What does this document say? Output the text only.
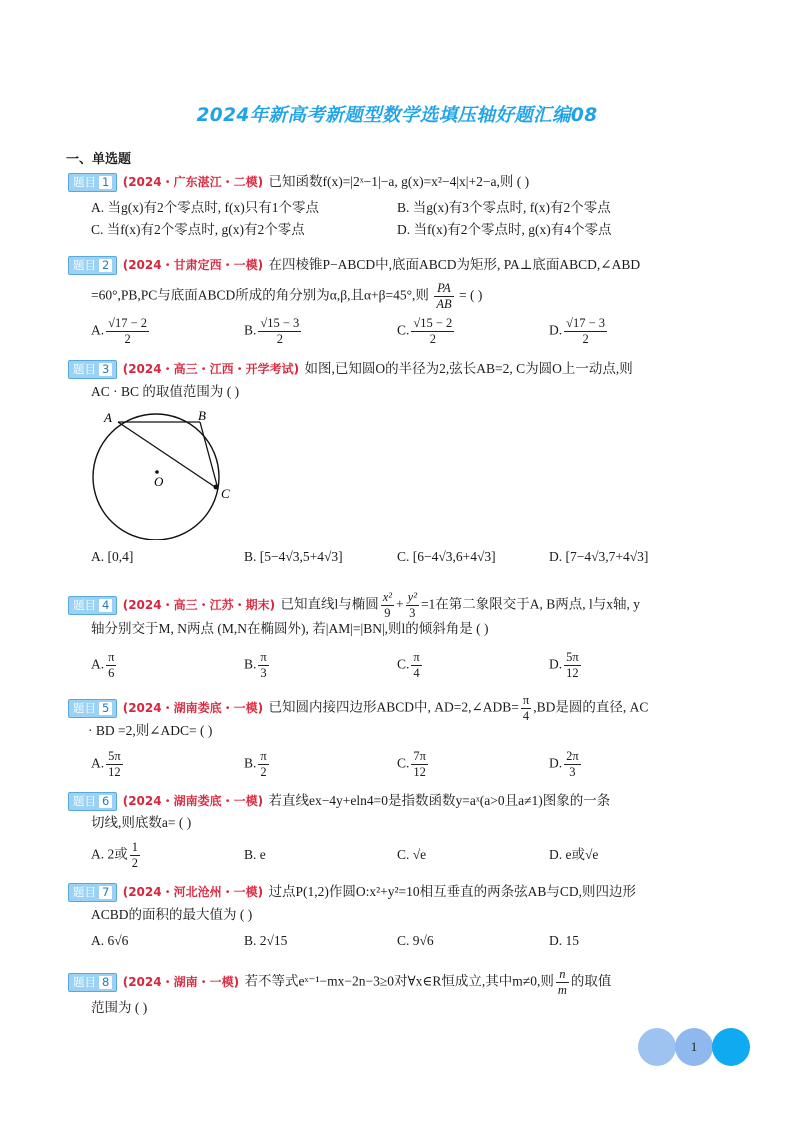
2024年新高考新题型数学选填压轴好题汇编08
一、单选题
题目 1 (2024・广东湛江・二模) 已知函数f(x)=|2ˣ−1|−a, g(x)=x²−4|x|+2−a,则 ( )
A. 当g(x)有2个零点时, f(x)只有1个零点	B. 当g(x)有3个零点时, f(x)有2个零点
C. 当f(x)有2个零点时, g(x)有2个零点	D. 当f(x)有2个零点时, g(x)有4个零点
题目 2 (2024・甘肃定西・一模) 在四棱锥P−ABCD中,底面ABCD为矩形, PA⊥底面ABCD,∠ABD
=60°,PB,PC与底面ABCD所成的角分别为α,β,且α+β=45°,则 $\frac{PA}{AB}$ = ( )
A. $\frac{√17 - 2}{2}$	B. $\frac{√15 - 3}{2}$	C. $\frac{√15 - 2}{2}$	D. $\frac{√17 - 3}{2}$
题目 3 (2024・高三・江西・开学考试) 如图,已知圆O的半径为2,弦长AB=2, C为圆O上一动点,则
AC · BC 的取值范围为 ( )
A	B
C
O
A. [0,4]	B. [5−4√3,5+4√3]	C. [6−4√3,6+4√3]	D. [7−4√3,7+4√3]
题目 4 (2024・高三・江苏・期末) 已知直线l与椭圆 $\frac{\text{x²}}{9} + \frac{\text{y²}}{3} =1$在第二象限交于A, B两点, l与x轴, y
轴分别交于M, N两点 (M,N在椭圆外), 若|AM|=|BN|,则l的倾斜角是 ( )
A. $\frac{\pi}{6}$	B. $\frac{\pi}{3}$	C. $\frac{\pi}{4}$	D. $\frac{5\pi}{12}$
题目 5 (2024・湖南娄底・一模) 已知圆内接四边形ABCD中, AD=2,∠ADB= $\frac{\pi}{4} ,BD$是圆的直径, AC
· BD =2,则∠ADC= ( )
A. $\frac{5\pi}{12}$	B. $\frac{\pi}{2}$	C. $\frac{7\pi}{12}$	D. $\frac{2\pi}{3}$
题目 6 (2024・湖南娄底・一模) 若直线ex−4y+eln4=0是指数函数y=aˣ(a>0且a≠1)图象的一条
切线,则底数a= ( )
A. 2或 $\frac{1}{2}$	B. e	C. √e	D. e或√e
题目 7 (2024・河北沧州・一模) 过点P(1,2)作圆O:x²+y²=10相互垂直的两条弦AB与CD,则四边形
ACBD的面积的最大值为 ( )
A. 6√6	B. 2√15	C. 9√6	D. 15
题目 8 (2024・湖南・一模) 若不等式eˣ⁻¹−mx−2n−3≥0对∀x∈R恒成立,其中m≠0,则 $\frac{n}{m}$ 的取值
范围为 ( )
1
